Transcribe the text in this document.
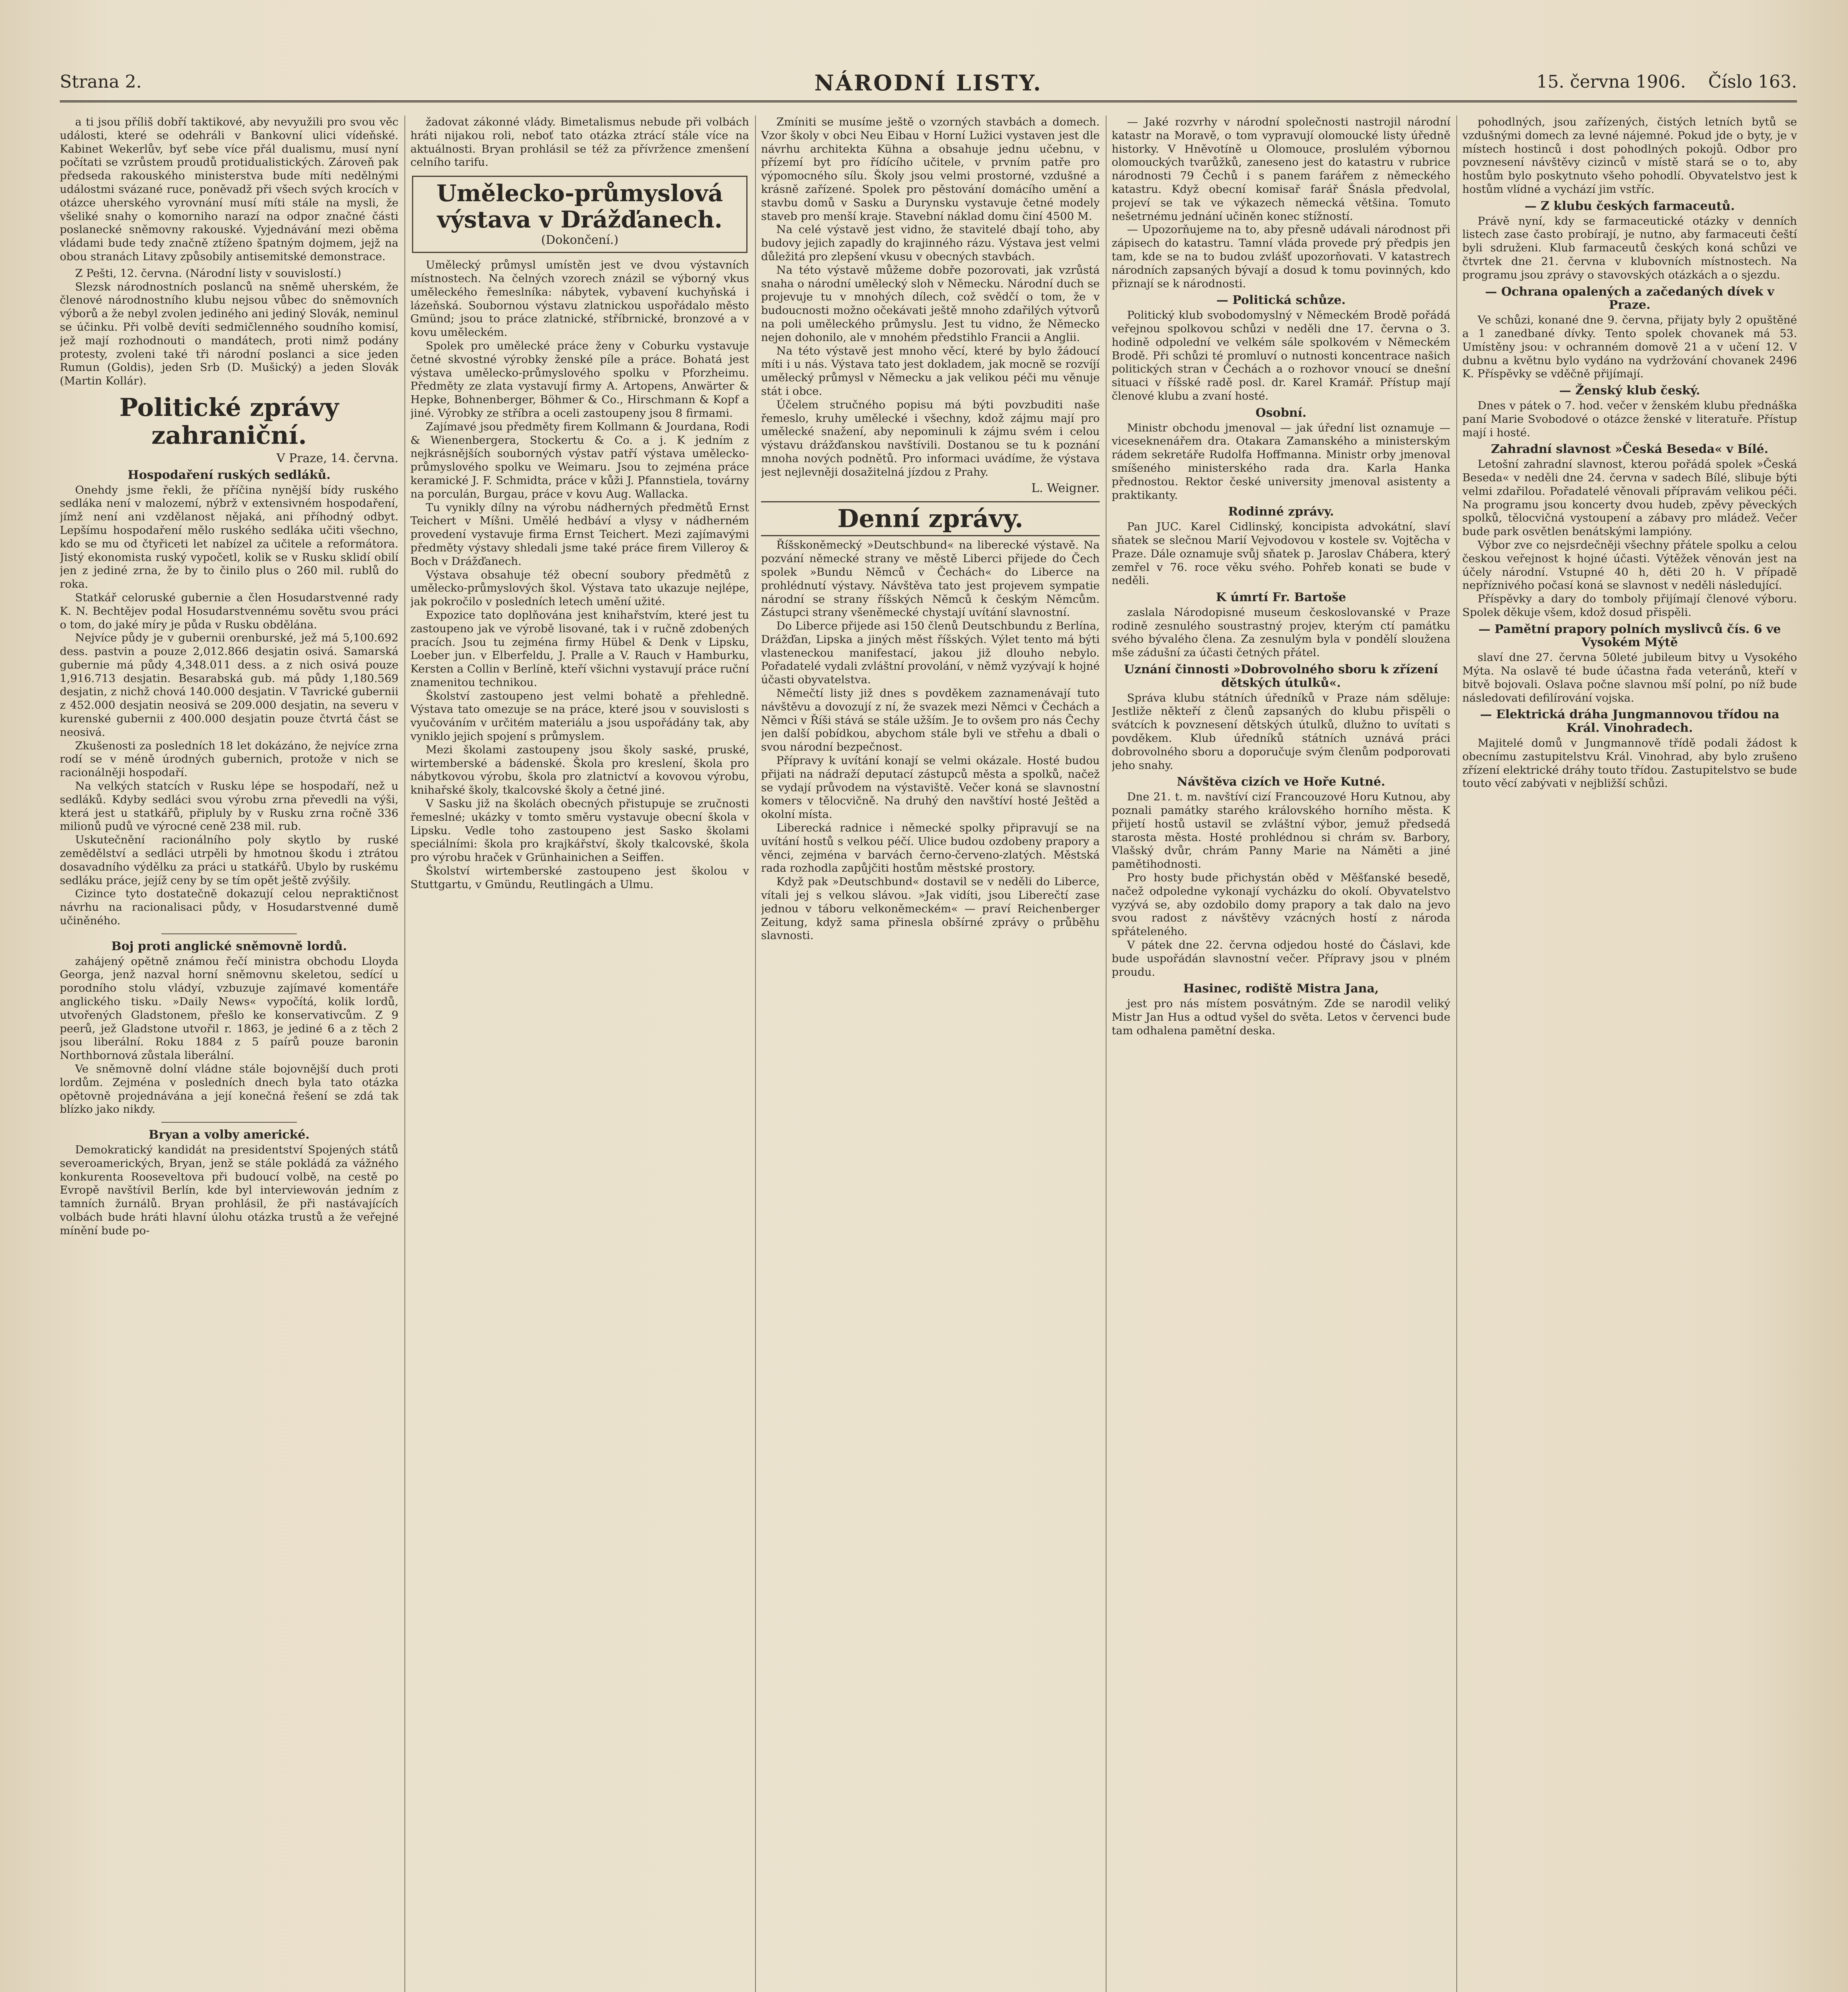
Strana 2.	NÁRODNÍ LISTY.	15. června 1906. Číslo 163.

a ti jsou příliš dobří taktikové, aby nevyužili pro svou věc události, které se odehráli v Bankovní ulici vídeňské. Kabinet Wekerlův, byť sebe více přál dualismu, musí nyní počítati se vzrůstem proudů protidualistických. Zároveň pak předseda rakouského ministerstva bude míti nedělnými událostmi svázané ruce, poněvadž při všech svých krocích v otázce uherského vyrovnání musí míti stále na mysli, že všeliké snahy o komorniho narazí na odpor značné části poslanecké sněmovny rakouské. Vyjednávání mezi oběma vládami bude tedy značně ztíženo špatným dojmem, jejž na obou stranách Litavy způsobily antisemitské demonstrace.

Z Pešti, 12. června. (Národní listy v souvislostí.)

Slezsk národnostních poslanců na sněmě uherském, že členové národnostního klubu nejsou vůbec do sněmovních výborů a že nebyl zvolen jediného ani jediný Slovák, neminul se účinku. Při volbě devíti sedmičlenného soudního komisí, jež mají rozhodnouti o mandátech, proti nimž podány protesty, zvoleni také tři národní poslanci a sice jeden Rumun (Goldis), jeden Srb (D. Mušický) a jeden Slovák (Martin Kollár).

Politické zprávy zahraniční.
V Praze, 14. června.
Hospodaření ruských sedláků.

Onehdy jsme řekli, že příčina nynější bídy ruského sedláka není v malozemí, nýbrž v extensivném hospodaření, jímž není ani vzdělanost nějaká, ani příhodný odbyt. Lepšímu hospodaření mělo ruského sedláka učiti všechno, kdo se mu od čtyřiceti let nabízel za učitele a reformátora. Jistý ekonomista ruský vypočetl, kolik se v Rusku sklidí obilí jen z jediné zrna, že by to činilo plus o 260 mil. rublů do roka.

Statkář celoruské gubernie a člen Hosudarstvenné rady K. N. Bechtějev podal Hosudarstvennému sovětu svou práci o tom, do jaké míry je půda v Rusku obdělána.

Nejvíce půdy je v gubernii orenburské, jež má 5,100.692 dess. pastvin a pouze 2,012.866 desjatin osivá. Samarská gubernie má půdy 4,348.011 dess. a z nich osivá pouze 1,916.713 desjatin. Besarabská gub. má půdy 1,180.569 desjatin, z nichž chová 140.000 desjatin. V Tavrické gubernii z 452.000 desjatin neosivá se 209.000 desjatin, na severu v kurenské gubernii z 400.000 desjatin pouze čtvrtá část se neosivá.

Zkušenosti za posledních 18 let dokázáno, že nejvíce zrna rodí se v méně úrodných gubernich, protože v nich se racionálněji hospodaří.

Na velkých statcích v Rusku lépe se hospodaří, než u sedláků. Kdyby sedláci svou výrobu zrna převedli na výši, která jest u statkářů, připluly by v Rusku zrna ročně 336 milionů pudů ve výrocné ceně 238 mil. rub.

Uskutečnění racionálního poly skytlo by ruské zemědělství a sedláci utrpěli by hmotnou škodu i ztrátou dosavadního výdělku za práci u statkářů. Ubylo by ruskému sedláku práce, jejíž ceny by se tím opět ještě zvýšily.

Cizince tyto dostatečně dokazují celou nepraktičnost návrhu na racionalisaci půdy, v Hosudarstvenné dumě učiněného.

Boj proti anglické sněmovně lordů.

zahájený opětně známou řečí ministra obchodu Lloyda Georga, jenž nazval horní sněmovnu skeletou, sedící u porodního stolu vládyí, vzbuzuje zajímavé komentáře anglického tisku. »Daily News« vypočítá, kolik lordů, utvořených Gladstonem, přešlo ke konservativcům. Z 9 peerů, jež Gladstone utvořil r. 1863, je jediné 6 a z těch 2 jsou liberální. Roku 1884 z 5 paírů pouze baronin Northbornová zůstala liberální.

Ve sněmovně dolní vládne stále bojovnější duch proti lordům. Zejména v posledních dnech byla tato otázka opětovně projednávána a její konečná řešení se zdá tak blízko jako nikdy.

Bryan a volby americké.

Demokratický kandidát na presidentství Spojených států severoamerických, Bryan, jenž se stále pokládá za vážného konkurenta Rooseveltova při budoucí volbě, na cestě po Evropě navštívil Berlín, kde byl interviewován jedním z tamních žurnálů. Bryan prohlásil, že při nastávajících volbách bude hráti hlavní úlohu otázka trustů a že veřejné mínění bude po-

žadovat zákonné vlády. Bimetalismus nebude při volbách hráti nijakou roli, neboť tato otázka ztrácí stále více na aktuálnosti. Bryan prohlásil se též za přívržence zmenšení celního tarifu.

Umělecko-průmyslová výstava v Drážďanech.
(Dokončení.)

Umělecký průmysl umístěn jest ve dvou výstavních místnostech. Na čelných vzorech znázil se výborný vkus uměleckého řemeslníka: nábytek, vybavení kuchyňská i lázeňská. Soubornou výstavu zlatnickou uspořádalo město Gmünd; jsou to práce zlatnické, stříbrnické, bronzové a v kovu uměleckém.

Spolek pro umělecké práce ženy v Coburku vystavuje četné skvostné výrobky ženské píle a práce. Bohatá jest výstava umělecko-průmyslového spolku v Pforzheimu. Předměty ze zlata vystavují firmy A. Artopens, Anwärter & Hepke, Bohnenberger, Böhmer & Co., Hirschmann & Kopf a jiné. Výrobky ze stříbra a oceli zastoupeny jsou 8 firmami.

Zajímavé jsou předměty firem Kollmann & Jourdana, Rodi & Wienenbergera, Stockertu & Co. a j. K jedním z nejkrásnějších souborných výstav patří výstava umělecko-průmyslového spolku ve Weimaru. Jsou to zejména práce keramické J. F. Schmidta, práce v kůži J. Pfannstiela, továrny na porculán, Burgau, práce v kovu Aug. Wallacka.

Tu vynikly dílny na výrobu nádherných předmětů Ernst Teichert v Míšni. Umělé hedbáví a vlysy v nádherném provedení vystavuje firma Ernst Teichert. Mezi zajímavými předměty výstavy shledali jsme také práce firem Villeroy & Boch v Drážďanech.

Výstava obsahuje též obecní soubory předmětů z umělecko-průmyslových škol. Výstava tato ukazuje nejlépe, jak pokročilo v posledních letech umění užité.

Expozice tato doplňována jest knihařstvím, které jest tu zastoupeno jak ve výrobě lisované, tak i v ručně zdobených pracích. Jsou tu zejména firmy Hübel & Denk v Lipsku, Loeber jun. v Elberfeldu, J. Pralle a V. Rauch v Hamburku, Kersten a Collin v Berlíně, kteří všichni vystavují práce ruční znamenitou technikou.

Školství zastoupeno jest velmi bohatě a přehledně. Výstava tato omezuje se na práce, které jsou v souvislosti s vyučováním v určitém materiálu a jsou uspořádány tak, aby vyniklo jejich spojení s průmyslem.

Mezi školami zastoupeny jsou školy saské, pruské, wirtemberské a bádenské. Škola pro kreslení, škola pro nábytkovou výrobu, škola pro zlatnictví a kovovou výrobu, knihařské školy, tkalcovské školy a četné jiné.

V Sasku již na školách obecných přistupuje se zručnosti řemeslné; ukázky v tomto směru vystavuje obecní škola v Lipsku. Vedle toho zastoupeno jest Sasko školami speciálními: škola pro krajkářství, školy tkalcovské, škola pro výrobu hraček v Grünhainichen a Seiffen.

Školství wirtemberské zastoupeno jest školou v Stuttgartu, v Gmündu, Reutlingách a Ulmu.

Zmíniti se musíme ještě o vzorných stavbách a domech. Vzor školy v obci Neu Eibau v Horní Lužici vystaven jest dle návrhu architekta Kühna a obsahuje jednu učebnu, v přízemí byt pro řídícího učitele, v prvním patře pro výpomocného sílu. Školy jsou velmi prostorné, vzdušné a krásně zařízené. Spolek pro pěstování domácího umění a stavbu domů v Sasku a Durynsku vystavuje četné modely staveb pro menší kraje. Stavební náklad domu činí 4500 M.

Na celé výstavě jest vidno, že stavitelé dbají toho, aby budovy jejich zapadly do krajinného rázu. Výstava jest velmi důležitá pro zlepšení vkusu v obecných stavbách.

Na této výstavě můžeme dobře pozorovati, jak vzrůstá snaha o národní umělecký sloh v Německu. Národní duch se projevuje tu v mnohých dílech, což svědčí o tom, že v budoucnosti možno očekávati ještě mnoho zdařilých výtvorů na poli uměleckého průmyslu. Jest tu vidno, že Německo nejen dohonilo, ale v mnohém předstihlo Francii a Anglii.

Na této výstavě jest mnoho věcí, které by bylo žádoucí míti i u nás. Výstava tato jest dokladem, jak mocně se rozvíjí umělecký průmysl v Německu a jak velikou péči mu věnuje stát i obce.

Účelem stručného popisu má býti povzbuditi naše řemeslo, kruhy umělecké i všechny, kdož zájmu mají pro umělecké snažení, aby nepominuli k zájmu svém i celou výstavu drážďanskou navštívili. Dostanou se tu k poznání mnoha nových podnětů. Pro informaci uvádíme, že výstava jest nejlevněji dosažitelná jízdou z Prahy.

L. Weigner.
Denní zprávy.

Říšskoněmecký »Deutschbund« na liberecké výstavě. Na pozvání německé strany ve městě Liberci přijede do Čech spolek »Bundu Němců v Čechách« do Liberce na prohlédnutí výstavy. Návštěva tato jest projevem sympatie národní se strany říšských Němců k českým Němcům. Zástupci strany všeněmecké chystají uvítání slavnostní.

Do Liberce přijede asi 150 členů Deutschbundu z Berlína, Drážďan, Lipska a jiných měst říšských. Výlet tento má býti vlasteneckou manifestací, jakou již dlouho nebylo. Pořadatelé vydali zvláštní provolání, v němž vyzývají k hojné účasti obyvatelstva.

Němečtí listy již dnes s povděkem zaznamenávají tuto návštěvu a dovozují z ní, že svazek mezi Němci v Čechách a Němci v Říši stává se stále užším. Je to ovšem pro nás Čechy jen další pobídkou, abychom stále byli ve střehu a dbali o svou národní bezpečnost.

Přípravy k uvítání konají se velmi okázale. Hosté budou přijati na nádraží deputací zástupců města a spolků, načež se vydají průvodem na výstaviště. Večer koná se slavnostní komers v tělocvičně. Na druhý den navštíví hosté Ještěd a okolní místa.

Liberecká radnice i německé spolky připravují se na uvítání hostů s velkou péčí. Ulice budou ozdobeny prapory a věnci, zejména v barvách černo-červeno-zlatých. Městská rada rozhodla zapůjčiti hostům městské prostory.

Když pak »Deutschbund« dostavil se v neděli do Liberce, vítali jej s velkou slávou. »Jak vidíti, jsou Liberečtí zase jednou v táboru velkoněmeckém« — praví Reichenberger Zeitung, když sama přinesla obšírné zprávy o průběhu slavnosti.

— Jaké rozvrhy v národní společnosti nastrojil národní katastr na Moravě, o tom vypravují olomoucké listy úředně historky. V Hněvotíně u Olomouce, proslulém výbornou olomouckých tvarůžků, zaneseno jest do katastru v rubrice národnosti 79 Čechů i s panem farářem z německého katastru. Když obecní komisař farář Šnásla předvolal, projeví se tak ve výkazech německá většina. Tomuto nešetrnému jednání učiněn konec stížností.

— Upozorňujeme na to, aby přesně udávali národnost při zápisech do katastru. Tamní vláda provede prý předpis jen tam, kde se na to budou zvlášť upozorňovati. V katastrech národních zapsaných bývají a dosud k tomu povinných, kdo přiznají se k národnosti.

— Politická schůze.

Politický klub svobodomyslný v Německém Brodě pořádá veřejnou spolkovou schůzi v neděli dne 17. června o 3. hodině odpolední ve velkém sále spolkovém v Německém Brodě. Při schůzi té promluví o nutnosti koncentrace našich politických stran v Čechách a o rozhovor vnoucí se dnešní situaci v říšské radě posl. dr. Karel Kramář. Přístup mají členové klubu a zvaní hosté.

Osobní.

Ministr obchodu jmenoval — jak úřední list oznamuje — viceseknenářem dra. Otakara Zamanského a ministerským rádem sekretáře Rudolfa Hoffmanna. Ministr orby jmenoval smíšeného ministerského rada dra. Karla Hanka přednostou. Rektor české university jmenoval asistenty a praktikanty.

Rodinné zprávy.

Pan JUC. Karel Cidlinský, koncipista advokátní, slaví sňatek se slečnou Marií Vejvodovou v kostele sv. Vojtěcha v Praze. Dále oznamuje svůj sňatek p. Jaroslav Chábera, který zemřel v 76. roce věku svého. Pohřeb konati se bude v neděli.

K úmrtí Fr. Bartoše

zaslala Národopisné museum českoslovanské v Praze rodině zesnulého soustrastný projev, kterým ctí památku svého bývalého člena. Za zesnulým byla v pondělí sloužena mše zádušní za účasti četných přátel.

Uznání činnosti »Dobrovolného sboru k zřízení dětských útulků«.

Správa klubu státních úředníků v Praze nám sděluje: Jestliže někteří z členů zapsaných do klubu přispěli o svátcích k povznesení dětských útulků, dlužno to uvítati s povděkem. Klub úředníků státních uznává práci dobrovolného sboru a doporučuje svým členům podporovati jeho snahy.

Návštěva cizích ve Hoře Kutné.

Dne 21. t. m. navštíví cizí Francouzové Horu Kutnou, aby poznali památky starého královského horního města. K přijetí hostů ustavil se zvláštní výbor, jemuž předsedá starosta města. Hosté prohlédnou si chrám sv. Barbory, Vlašský dvůr, chrám Panny Marie na Náměti a jiné pamětihodnosti.

Pro hosty bude přichystán oběd v Měšťanské besedě, načež odpoledne vykonají vycházku do okolí. Obyvatelstvo vyzývá se, aby ozdobilo domy prapory a tak dalo na jevo svou radost z návštěvy vzácných hostí z národa spřáteleného.

V pátek dne 22. června odjedou hosté do Čáslavi, kde bude uspořádán slavnostní večer. Přípravy jsou v plném proudu.

Hasinec, rodiště Mistra Jana,

jest pro nás místem posvátným. Zde se narodil veliký Mistr Jan Hus a odtud vyšel do světa. Letos v červenci bude tam odhalena pamětní deska.

pohodlných, jsou zařízených, čistých letních bytů se vzdušnými domech za levné nájemné. Pokud jde o byty, je v místech hostinců i dost pohodlných pokojů. Odbor pro povznesení návštěvy cizinců v místě stará se o to, aby hostům bylo poskytnuto všeho pohodlí. Obyvatelstvo jest k hostům vlídné a vychází jim vstříc.

— Z klubu českých farmaceutů.

Právě nyní, kdy se farmaceutické otázky v denních listech zase často probírají, je nutno, aby farmaceuti čeští byli sdruženi. Klub farmaceutů českých koná schůzi ve čtvrtek dne 21. června v klubovních místnostech. Na programu jsou zprávy o stavovských otázkách a o sjezdu.

— Ochrana opalených a začedaných dívek v Praze.

Ve schůzi, konané dne 9. června, přijaty byly 2 opuštěné a 1 zanedbané dívky. Tento spolek chovanek má 53. Umístěny jsou: v ochranném domově 21 a v učení 12. V dubnu a květnu bylo vydáno na vydržování chovanek 2496 K. Příspěvky se vděčně přijímají.

— Ženský klub český.

Dnes v pátek o 7. hod. večer v ženském klubu přednáška paní Marie Svobodové o otázce ženské v literatuře. Přístup mají i hosté.

Zahradní slavnost »Česká Beseda« v Bílé.

Letošní zahradní slavnost, kterou pořádá spolek »Česká Beseda« v neděli dne 24. června v sadech Bílé, slibuje býti velmi zdařilou. Pořadatelé věnovali přípravám velikou péči. Na programu jsou koncerty dvou hudeb, zpěvy pěveckých spolků, tělocvičná vystoupení a zábavy pro mládež. Večer bude park osvětlen benátskými lampióny.

Výbor zve co nejsrdečněji všechny přátele spolku a celou českou veřejnost k hojné účasti. Výtěžek věnován jest na účely národní. Vstupné 40 h, děti 20 h. V případě nepříznivého počasí koná se slavnost v neděli následující.

Příspěvky a dary do tomboly přijímají členové výboru. Spolek děkuje všem, kdož dosud přispěli.

— Pamětní prapory polních myslivců čís. 6 ve Vysokém Mýtě

slaví dne 27. června 50leté jubileum bitvy u Vysokého Mýta. Na oslavě té bude účastna řada veteránů, kteří v bitvě bojovali. Oslava počne slavnou mší polní, po níž bude následovati defilírování vojska.

— Elektrická dráha Jungmannovou třídou na Král. Vinohradech.

Majitelé domů v Jungmannově třídě podali žádost k obecnímu zastupitelstvu Král. Vinohrad, aby bylo zrušeno zřízení elektrické dráhy touto třídou. Zastupitelstvo se bude touto věcí zabývati v nejbližší schůzi.
